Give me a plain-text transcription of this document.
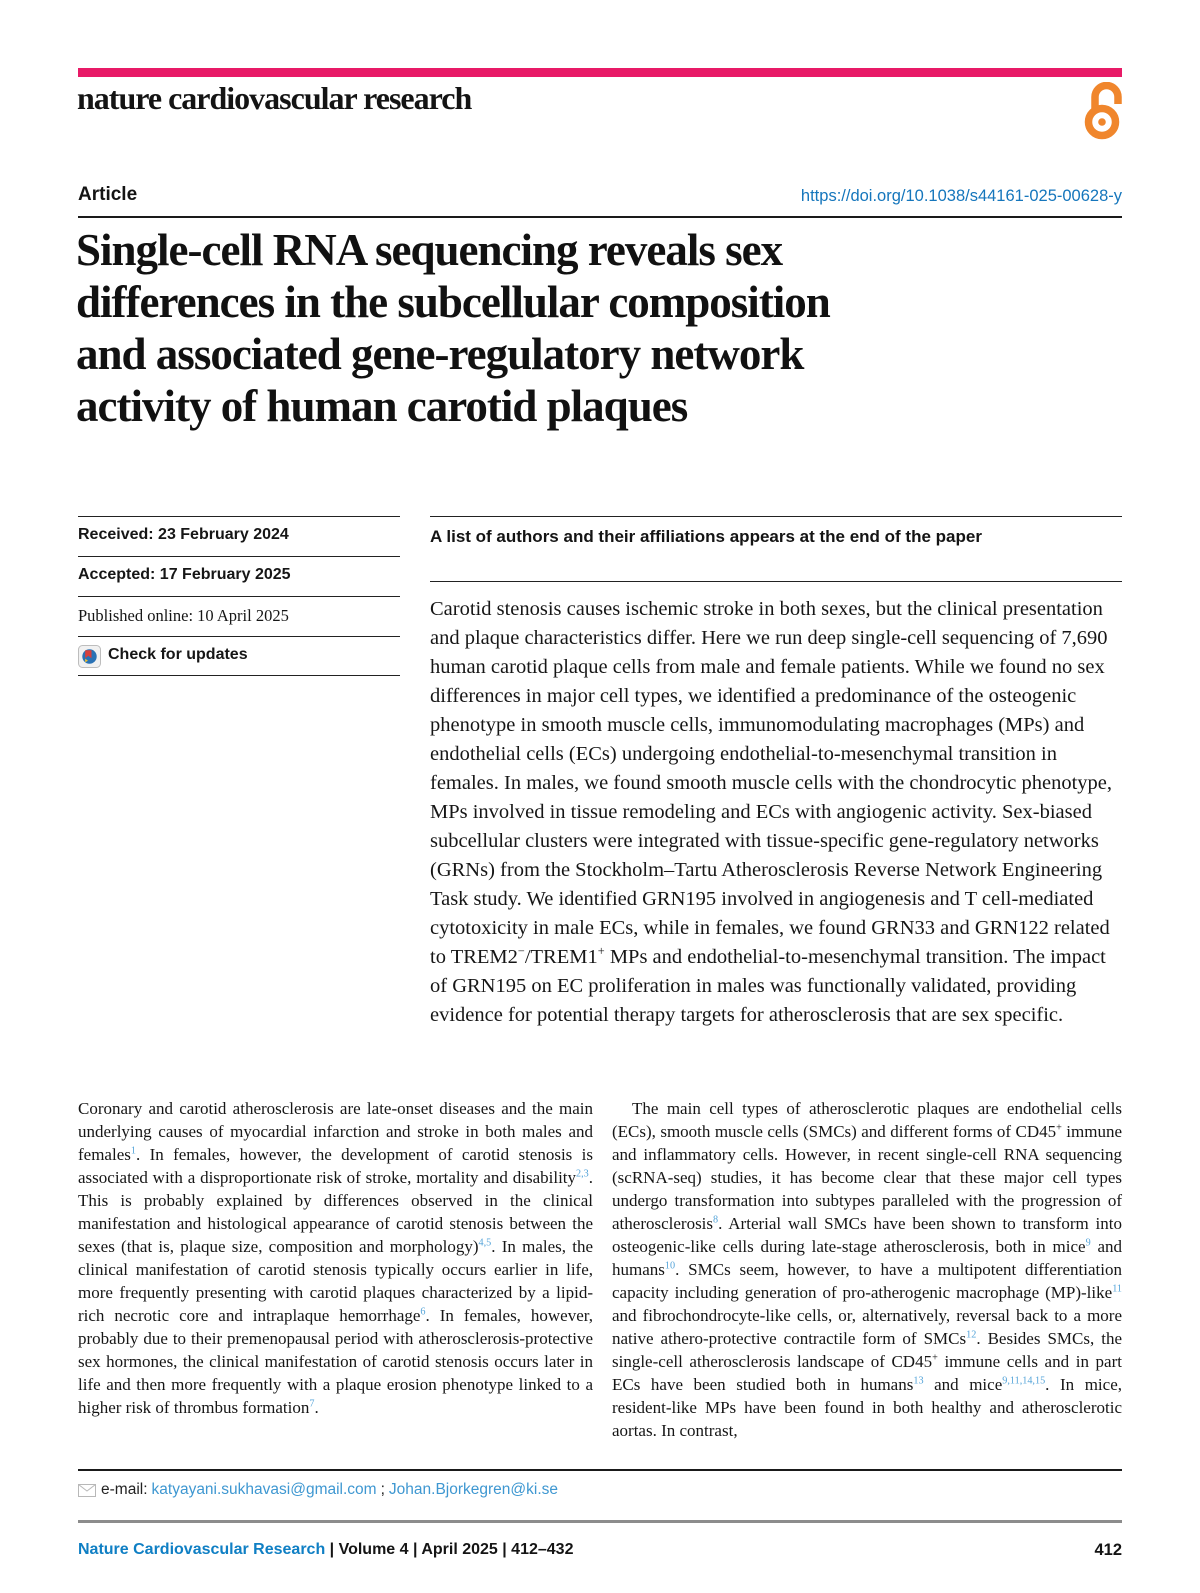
nature cardiovascular research
Article	https://doi.org/10.1038/s44161-025-00628-y
Single-cell RNA sequencing reveals sex
differences in the subcellular composition
and associated gene-regulatory network
activity of human carotid plaques
Received: 23 February 2024
Accepted: 17 February 2025
Published online: 10 April 2025
Check for updates
A list of authors and their affiliations appears at the end of the paper
Carotid stenosis causes ischemic stroke in both sexes, but the clinical presentation and plaque characteristics differ. Here we run deep single-cell sequencing of 7,690 human carotid plaque cells from male and female patients. While we found no sex differences in major cell types, we identified a predominance of the osteogenic phenotype in smooth muscle cells, immunomodulating macrophages (MPs) and endothelial cells (ECs) undergoing endothelial-to-mesenchymal transition in females. In males, we found smooth muscle cells with the chondrocytic phenotype, MPs involved in tissue remodeling and ECs with angiogenic activity. Sex-biased subcellular clusters were integrated with tissue-specific gene-regulatory networks (GRNs) from the Stockholm–Tartu Atherosclerosis Reverse Network Engineering Task study. We identified GRN195 involved in angiogenesis and T cell-mediated cytotoxicity in male ECs, while in females, we found GRN33 and GRN122 related to TREM2−/TREM1+ MPs and endothelial-to-mesenchymal transition. The impact of GRN195 on EC proliferation in males was functionally validated, providing evidence for potential therapy targets for atherosclerosis that are sex specific.
Coronary and carotid atherosclerosis are late-onset diseases and the main underlying causes of myocardial infarction and stroke in both males and females$^1$. In females, however, the development of carotid stenosis is associated with a disproportionate risk of stroke, mortality and disability$^{2,3}$. This is probably explained by differences observed in the clinical manifestation and histological appearance of carotid stenosis between the sexes (that is, plaque size, composition and morphology)$^{4,5}$. In males, the clinical manifestation of carotid stenosis typically occurs earlier in life, more frequently presenting with carotid plaques characterized by a lipid-rich necrotic core and intraplaque hemorrhage$^6$. In females, however, probably due to their premenopausal period with atherosclerosis-protective sex hormones, the clinical manifestation of carotid stenosis occurs later in life and then more frequently with a plaque erosion phenotype linked to a higher risk of thrombus formation$^7$.
The main cell types of atherosclerotic plaques are endothelial cells (ECs), smooth muscle cells (SMCs) and different forms of CD45+ immune and inflammatory cells. However, in recent single-cell RNA sequencing (scRNA-seq) studies, it has become clear that these major cell types undergo transformation into subtypes paralleled with the progression of atherosclerosis$^8$. Arterial wall SMCs have been shown to transform into osteogenic-like cells during late-stage atherosclerosis, both in mice$^9$ and humans$^{10}$. SMCs seem, however, to have a multipotent differentiation capacity including generation of pro-atherogenic macrophage (MP)-like$^{11}$ and fibrochondrocyte-like cells, or, alternatively, reversal back to a more native athero-protective contractile form of SMCs$^{12}$. Besides SMCs, the single-cell atherosclerosis landscape of CD45+ immune cells and in part ECs have been studied both in humans$^{13}$ and mice$^{9,11,14,15}$. In mice, resident-like MPs have been found in both healthy and atherosclerotic aortas. In contrast,
e-mail: katyayani.sukhavasi@gmail.com ; Johan.Bjorkegren@ki.se
Nature Cardiovascular Research | Volume 4 | April 2025 | 412–432	412
